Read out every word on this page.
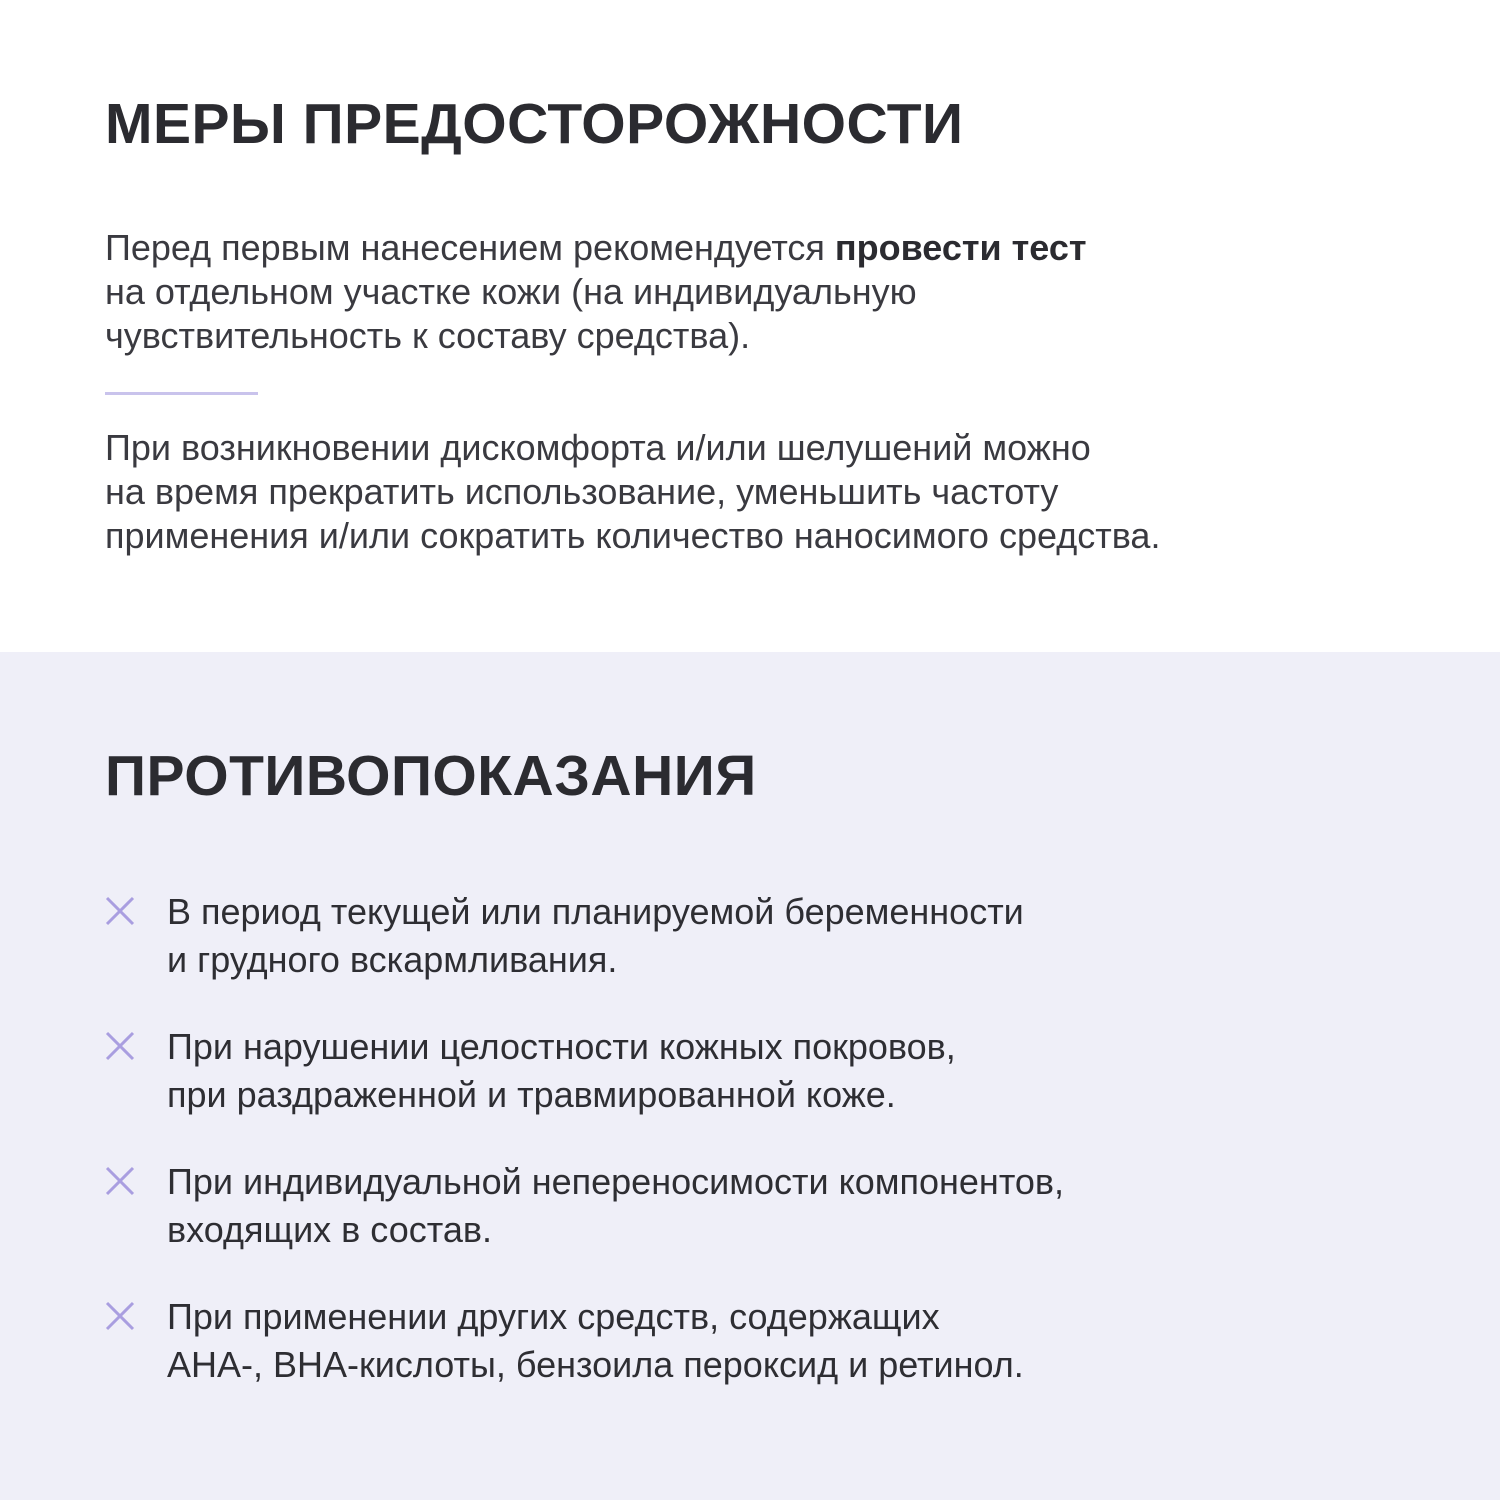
МЕРЫ ПРЕДОСТОРОЖНОСТИ

Перед первым нанесением рекомендуется провести тест
на отдельном участке кожи (на индивидуальную
чувствительность к составу средства).

При возникновении дискомфорта и/или шелушений можно
на время прекратить использование, уменьшить частоту
применения и/или сократить количество наносимого средства.

ПРОТИВОПОКАЗАНИЯ
В период текущей или планируемой беременности
и грудного вскармливания.
При нарушении целостности кожных покровов,
при раздраженной и травмированной коже.
При индивидуальной непереносимости компонентов,
входящих в состав.
При применении других средств, содержащих
AHA-, BHA-кислоты, бензоила пероксид и ретинол.
